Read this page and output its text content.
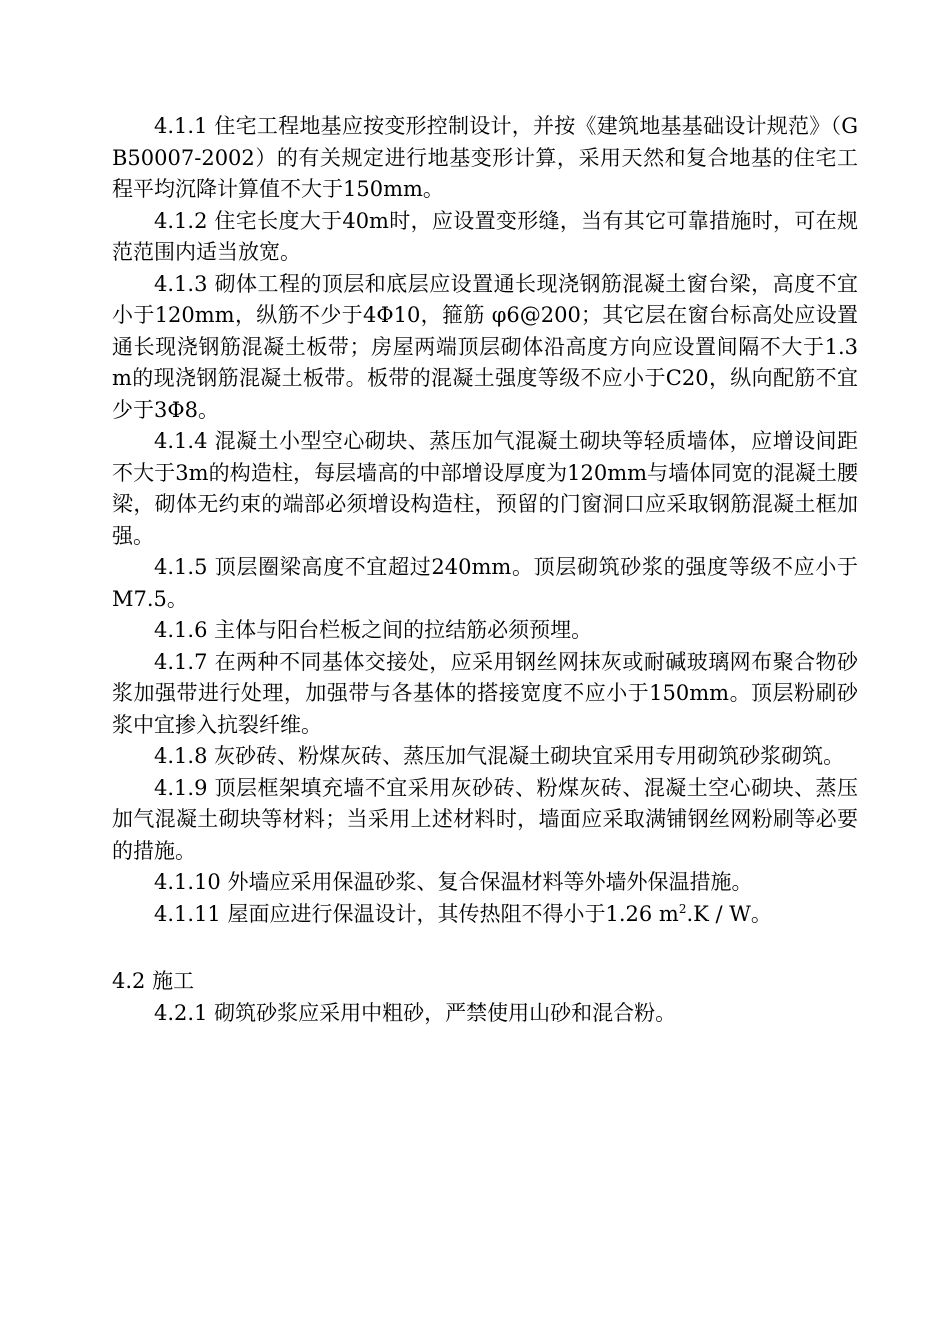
4.1.1 住宅工程地基应按变形控制设计，并按《建筑地基基础设计规范》（GB50007-2002）的有关规定进行地基变形计算，采用天然和复合地基的住宅工程平均沉降计算值不大于150mm。

4.1.2 住宅长度大于40m时，应设置变形缝，当有其它可靠措施时，可在规范范围内适当放宽。

4.1.3 砌体工程的顶层和底层应设置通长现浇钢筋混凝土窗台梁，高度不宜小于120mm，纵筋不少于4Φ10，箍筋 φ6@200；其它层在窗台标高处应设置通长现浇钢筋混凝土板带；房屋两端顶层砌体沿高度方向应设置间隔不大于1.3m的现浇钢筋混凝土板带。板带的混凝土强度等级不应小于C20，纵向配筋不宜少于3Φ8。

4.1.4 混凝土小型空心砌块、蒸压加气混凝土砌块等轻质墙体，应增设间距不大于3m的构造柱，每层墙高的中部增设厚度为120mm与墙体同宽的混凝土腰梁，砌体无约束的端部必须增设构造柱，预留的门窗洞口应采取钢筋混凝土框加强。

4.1.5 顶层圈梁高度不宜超过240mm。顶层砌筑砂浆的强度等级不应小于M7.5。

4.1.6 主体与阳台栏板之间的拉结筋必须预埋。

4.1.7 在两种不同基体交接处，应采用钢丝网抹灰或耐碱玻璃网布聚合物砂浆加强带进行处理，加强带与各基体的搭接宽度不应小于150mm。顶层粉刷砂浆中宜掺入抗裂纤维。

4.1.8 灰砂砖、粉煤灰砖、蒸压加气混凝土砌块宜采用专用砌筑砂浆砌筑。

4.1.9 顶层框架填充墙不宜采用灰砂砖、粉煤灰砖、混凝土空心砌块、蒸压加气混凝土砌块等材料；当采用上述材料时，墙面应采取满铺钢丝网粉刷等必要的措施。

4.1.10 外墙应采用保温砂浆、复合保温材料等外墙外保温措施。

4.1.11 屋面应进行保温设计，其传热阻不得小于1.26 $m^2.K$ / W。

4.2 施工

4.2.1 砌筑砂浆应采用中粗砂，严禁使用山砂和混合粉。
